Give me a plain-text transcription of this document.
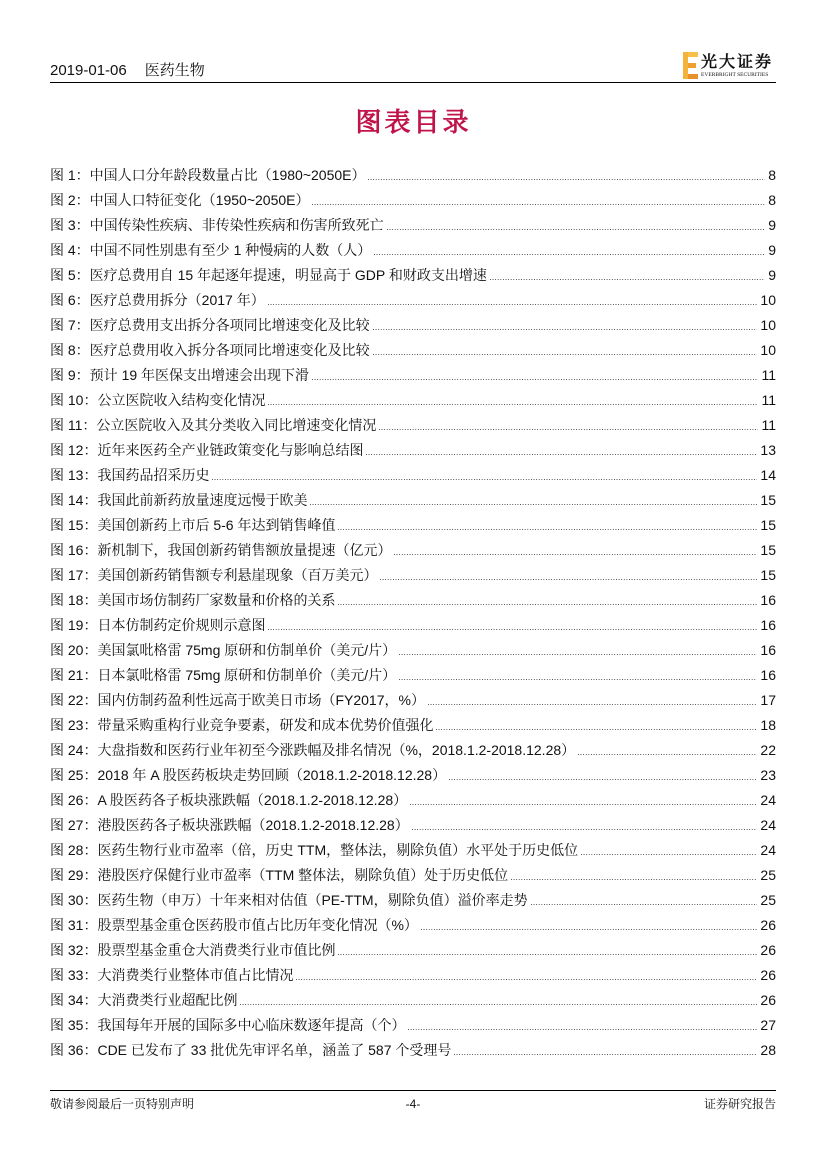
2019-01-06 医药生物	光大证券
EVERBRIGHT SECURITIES
图表目录
图 1：中国人口分年龄段数量占比（1980~2050E）	8
图 2：中国人口特征变化（1950~2050E）	8
图 3：中国传染性疾病、非传染性疾病和伤害所致死亡	9
图 4：中国不同性别患有至少 1 种慢病的人数（人）	9
图 5：医疗总费用自 15 年起逐年提速，明显高于 GDP 和财政支出增速	9
图 6：医疗总费用拆分（2017 年）	10
图 7：医疗总费用支出拆分各项同比增速变化及比较	10
图 8：医疗总费用收入拆分各项同比增速变化及比较	10
图 9：预计 19 年医保支出增速会出现下滑	11
图 10：公立医院收入结构变化情况	11
图 11：公立医院收入及其分类收入同比增速变化情况	11
图 12：近年来医药全产业链政策变化与影响总结图	13
图 13：我国药品招采历史	14
图 14：我国此前新药放量速度远慢于欧美	15
图 15：美国创新药上市后 5-6 年达到销售峰值	15
图 16：新机制下，我国创新药销售额放量提速（亿元）	15
图 17：美国创新药销售额专利悬崖现象（百万美元）	15
图 18：美国市场仿制药厂家数量和价格的关系	16
图 19：日本仿制药定价规则示意图	16
图 20：美国氯吡格雷 75mg 原研和仿制单价（美元/片）	16
图 21：日本氯吡格雷 75mg 原研和仿制单价（美元/片）	16
图 22：国内仿制药盈利性远高于欧美日市场（FY2017，%）	17
图 23：带量采购重构行业竞争要素，研发和成本优势价值强化	18
图 24：大盘指数和医药行业年初至今涨跌幅及排名情况（%，2018.1.2-2018.12.28）	22
图 25：2018 年 A 股医药板块走势回顾（2018.1.2-2018.12.28）	23
图 26：A 股医药各子板块涨跌幅（2018.1.2-2018.12.28）	24
图 27：港股医药各子板块涨跌幅（2018.1.2-2018.12.28）	24
图 28：医药生物行业市盈率（倍，历史 TTM，整体法，剔除负值）水平处于历史低位	24
图 29：港股医疗保健行业市盈率（TTM 整体法，剔除负值）处于历史低位	25
图 30：医药生物（申万）十年来相对估值（PE-TTM，剔除负值）溢价率走势	25
图 31：股票型基金重仓医药股市值占比历年变化情况（%）	26
图 32：股票型基金重仓大消费类行业市值比例	26
图 33：大消费类行业整体市值占比情况	26
图 34：大消费类行业超配比例	26
图 35：我国每年开展的国际多中心临床数逐年提高（个）	27
图 36：CDE 已发布了 33 批优先审评名单，涵盖了 587 个受理号	28
敬请参阅最后一页特别声明	-4-	证券研究报告
